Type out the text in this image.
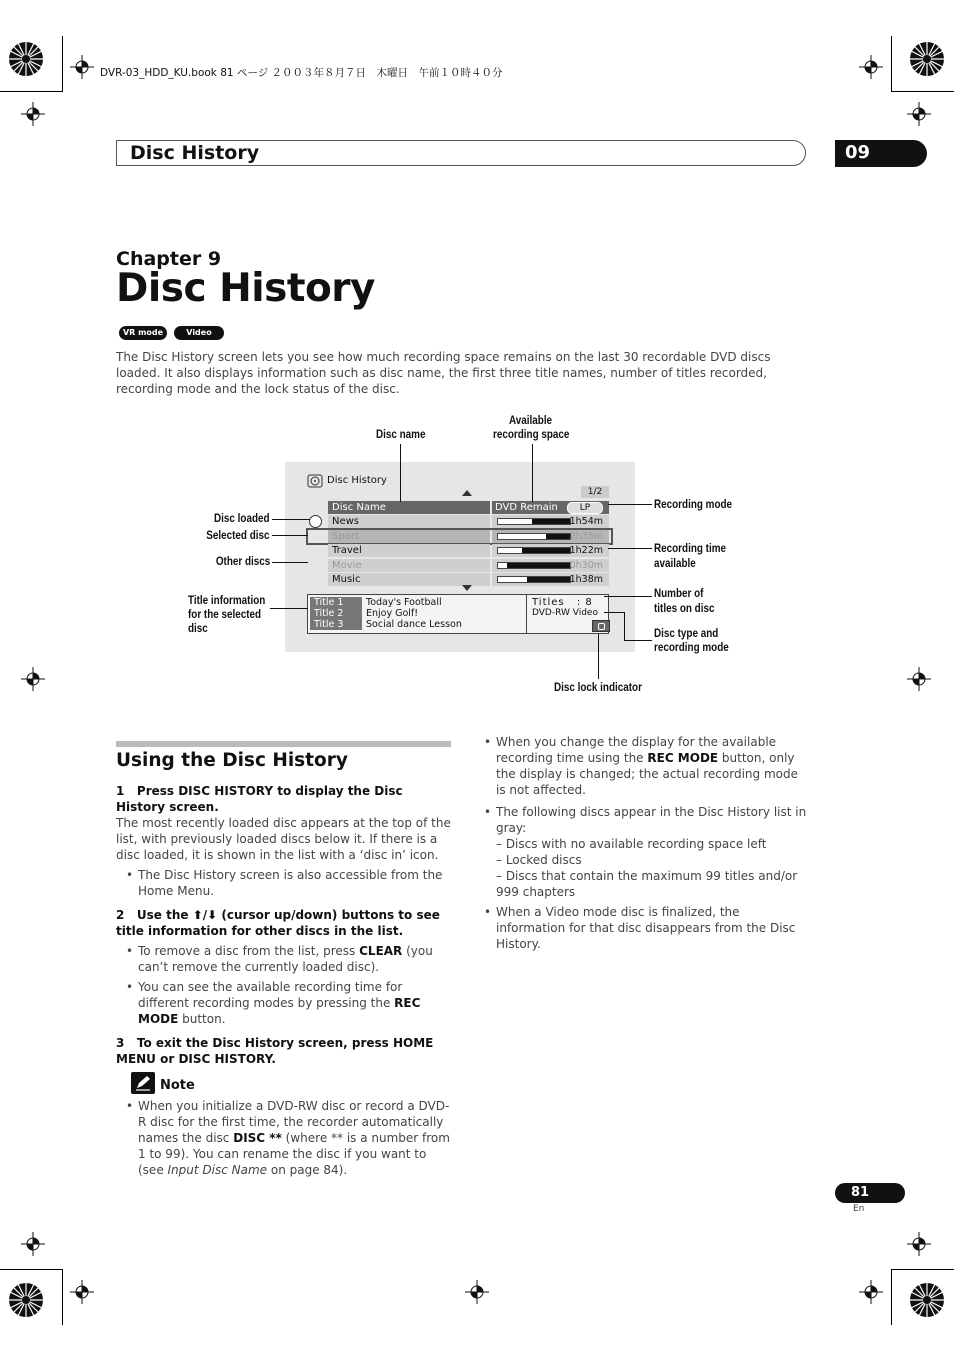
DVR-03_HDD_KU.book 81 ページ ２００３年８月７日　木曜日　午前１０時４０分
Disc History	09
Chapter 9
Disc History
VR mode	Video mode
The Disc History screen lets you see how much recording space remains on the last 30 recordable DVD discs loaded. It also displays information such as disc name, the first three title names, number of titles recorded, recording mode and the lock status of the disc.
Disc History
1/2
Disc Name	DVD Remain	LP
News	1h54m
Sport	2h35m
Travel	1h22m
Movie	0h30m
Music	1h38m
Title 1 Today's Football
Title 2 Enjoy Golf!
Title 3 Social dance Lesson
Titles : 8
DVD-RW Video
Disc name
Available
recording space
Disc loaded
Selected disc
Other discs
Title information
for the selected
disc
Recording mode
Recording time
available
Number of
titles on disc
Disc type and
recording mode
Disc lock indicator
Using the Disc History
1 Press DISC HISTORY to display the Disc History screen.
The most recently loaded disc appears at the top of the list, with previously loaded discs below it. If there is a disc loaded, it is shown in the list with a ‘disc in’ icon.
• The Disc History screen is also accessible from the Home Menu.
2 Use the ⬆/⬇ (cursor up/down) buttons to see title information for other discs in the list.
• To remove a disc from the list, press CLEAR (you can’t remove the currently loaded disc).
• You can see the available recording time for different recording modes by pressing the REC MODE button.
3 To exit the Disc History screen, press HOME MENU or DISC HISTORY.
Note
• When you initialize a DVD-RW disc or record a DVD-R disc for the first time, the recorder automatically names the disc DISC ** (where ** is a number from 1 to 99). You can rename the disc if you want to (see Input Disc Name on page 84).
• When you change the display for the available recording time using the REC MODE button, only the display is changed; the actual recording mode is not affected.
• The following discs appear in the Disc History list in gray:
– Discs with no available recording space left
– Locked discs
– Discs that contain the maximum 99 titles and/or 999 chapters
• When a Video mode disc is finalized, the information for that disc disappears from the Disc History.
81
En
